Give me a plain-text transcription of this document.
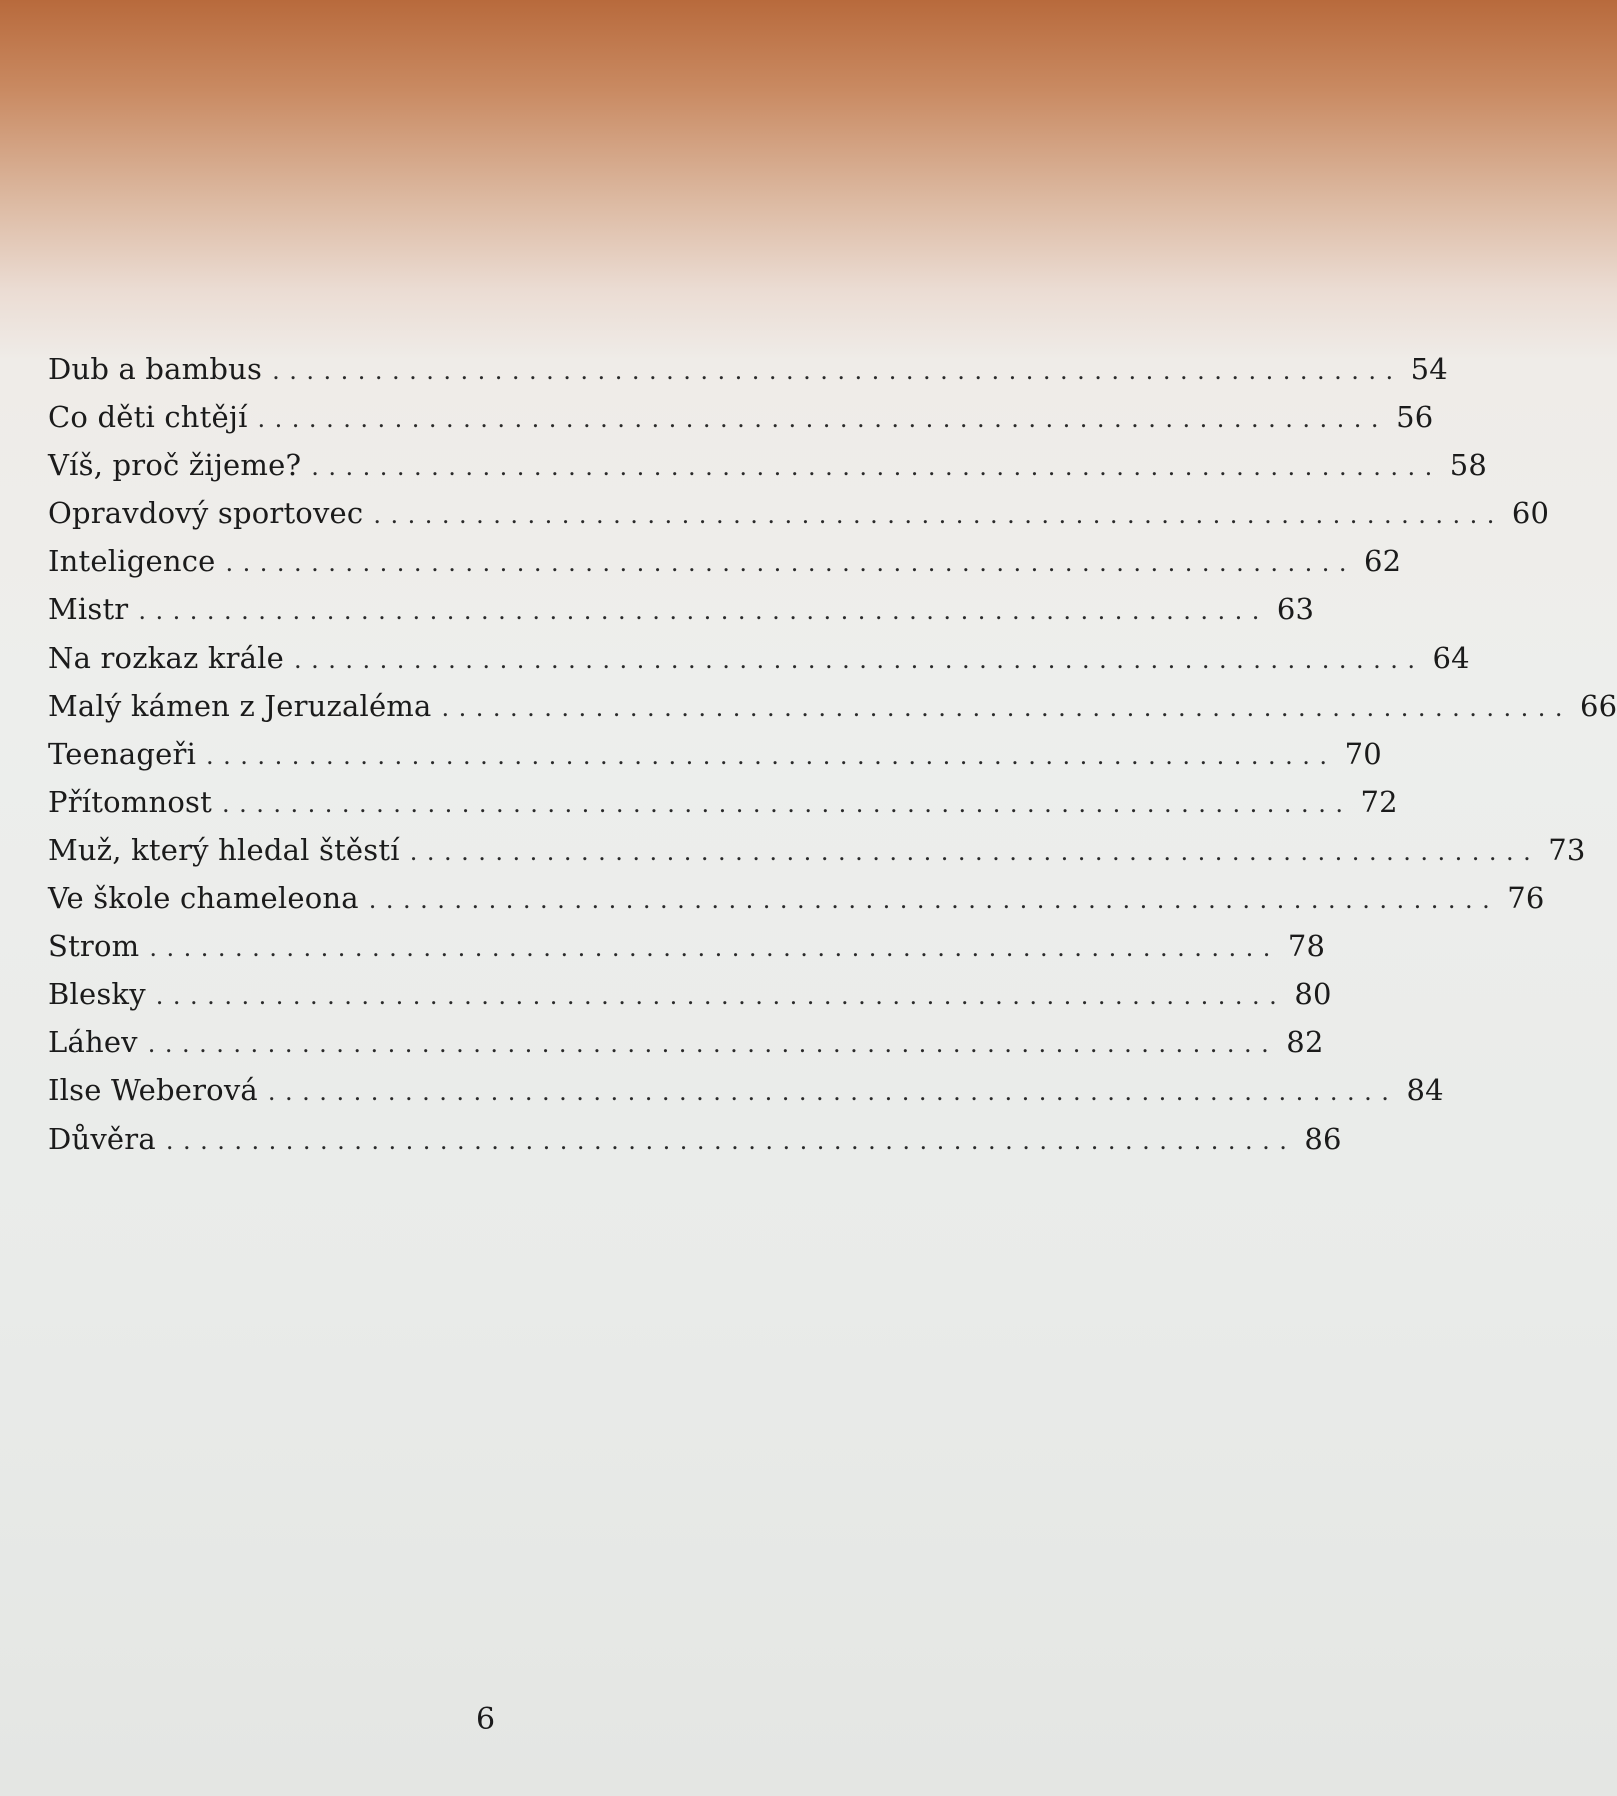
Dub a bambus .................................................................. 54
Co děti chtějí .................................................................. 56
Víš, proč žijeme? .................................................................. 58
Opravdový sportovec .................................................................. 60
Inteligence .................................................................. 62
Mistr .................................................................. 63
Na rozkaz krále .................................................................. 64
Malý kámen z Jeruzaléma .................................................................. 66
Teenageři .................................................................. 70
Přítomnost .................................................................. 72
Muž, který hledal štěstí .................................................................. 73
Ve škole chameleona .................................................................. 76
Strom .................................................................. 78
Blesky .................................................................. 80
Láhev .................................................................. 82
Ilse Weberová .................................................................. 84
Důvěra .................................................................. 86
6
